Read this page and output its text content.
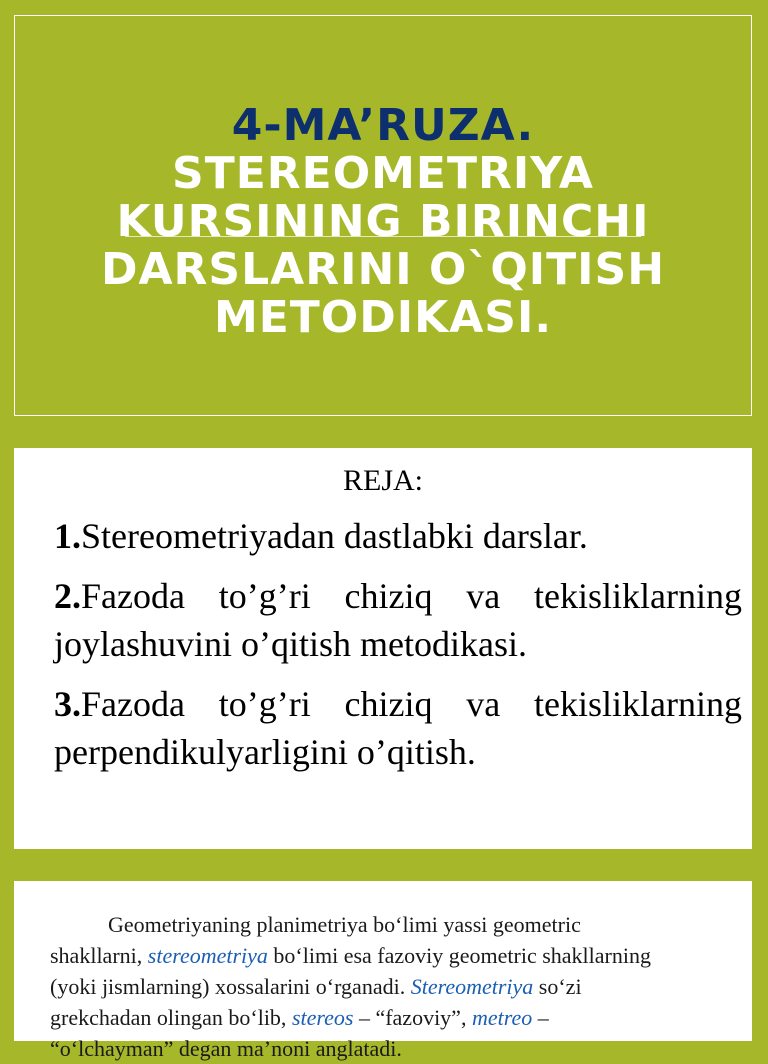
4-MA’RUZA.
STEREOMETRIYA
KURSINING BIRINCHI
DARSLARINI O`QITISH
METODIKASI.
REJA:
1.Stereometriyadan dastlabki darslar.
2.Fazoda to’g’ri chiziq va tekisliklarning joylashuvini o’qitish metodikasi.
3.Fazoda to’g’ri chiziq va tekisliklarning perpendikulyarligini o’qitish.

Geometriyaning planimetriya bo‘limi yassi geometric shakllarni, stereometriya bo‘limi esa fazoviy geometric shakllarning (yoki jismlarning) xossalarini o‘rganadi. Stereometriya so‘zi grekchadan olingan bo‘lib, stereos – “fazoviy”, metreo – “o‘lchayman” degan ma’noni anglatadi.
